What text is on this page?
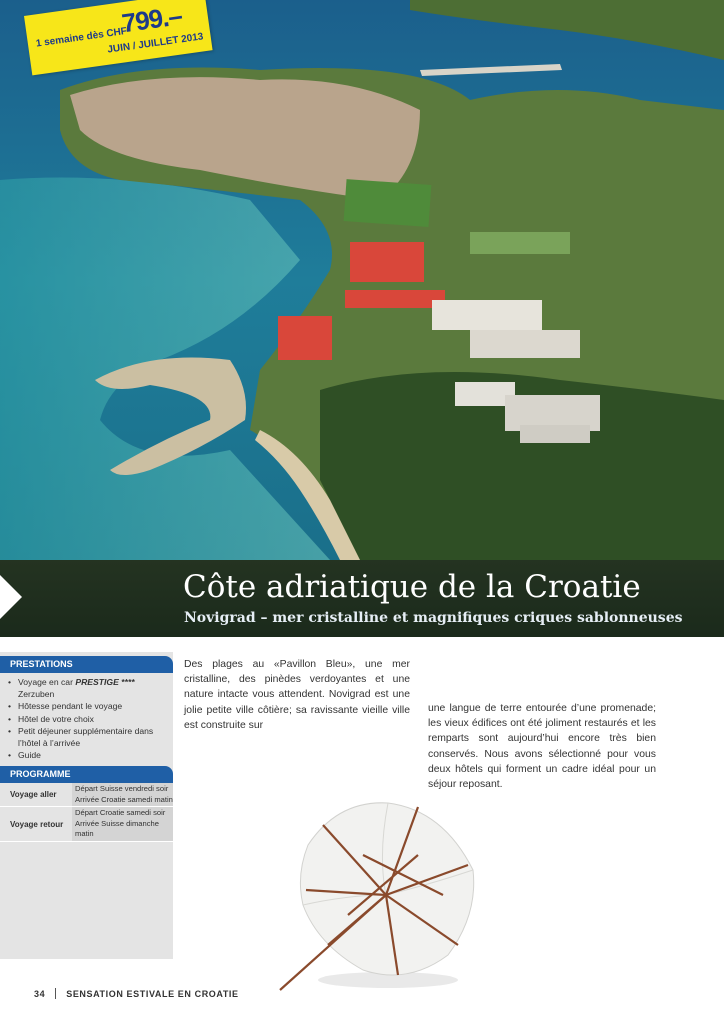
1 semaine dès CHF
799.–
JUIN / JUILLET 2013
Côte adriatique de la Croatie
Novigrad – mer cristalline et magnifiques criques sablonneuses
PRESTATIONS
• Voyage en car PRESTIGE **** Zerzuben
• Hôtesse pendant le voyage
• Hôtel de votre choix
• Petit déjeuner supplémentaire dans l’hôtel à l’arrivée
• Guide
PROGRAMME
Voyage aller	Départ Suisse vendredi soir
Arrivée Croatie samedi matin
Voyage retour	Départ Croatie samedi soir
Arrivée Suisse dimanche matin
Des plages au «Pavillon Bleu», une mer cristalline, des pinèdes verdoyantes et une nature intacte vous attendent. Novigrad est une jolie petite ville côtière; sa ravissante vieille ville est construite sur
une langue de terre entourée d’une promenade; les vieux édifices ont été joliment restaurés et les remparts sont aujourd’hui encore très bien conservés. Nous avons sélectionné pour vous deux hôtels qui forment un cadre idéal pour un séjour reposant.
34 SENSATION ESTIVALE EN CROATIE
